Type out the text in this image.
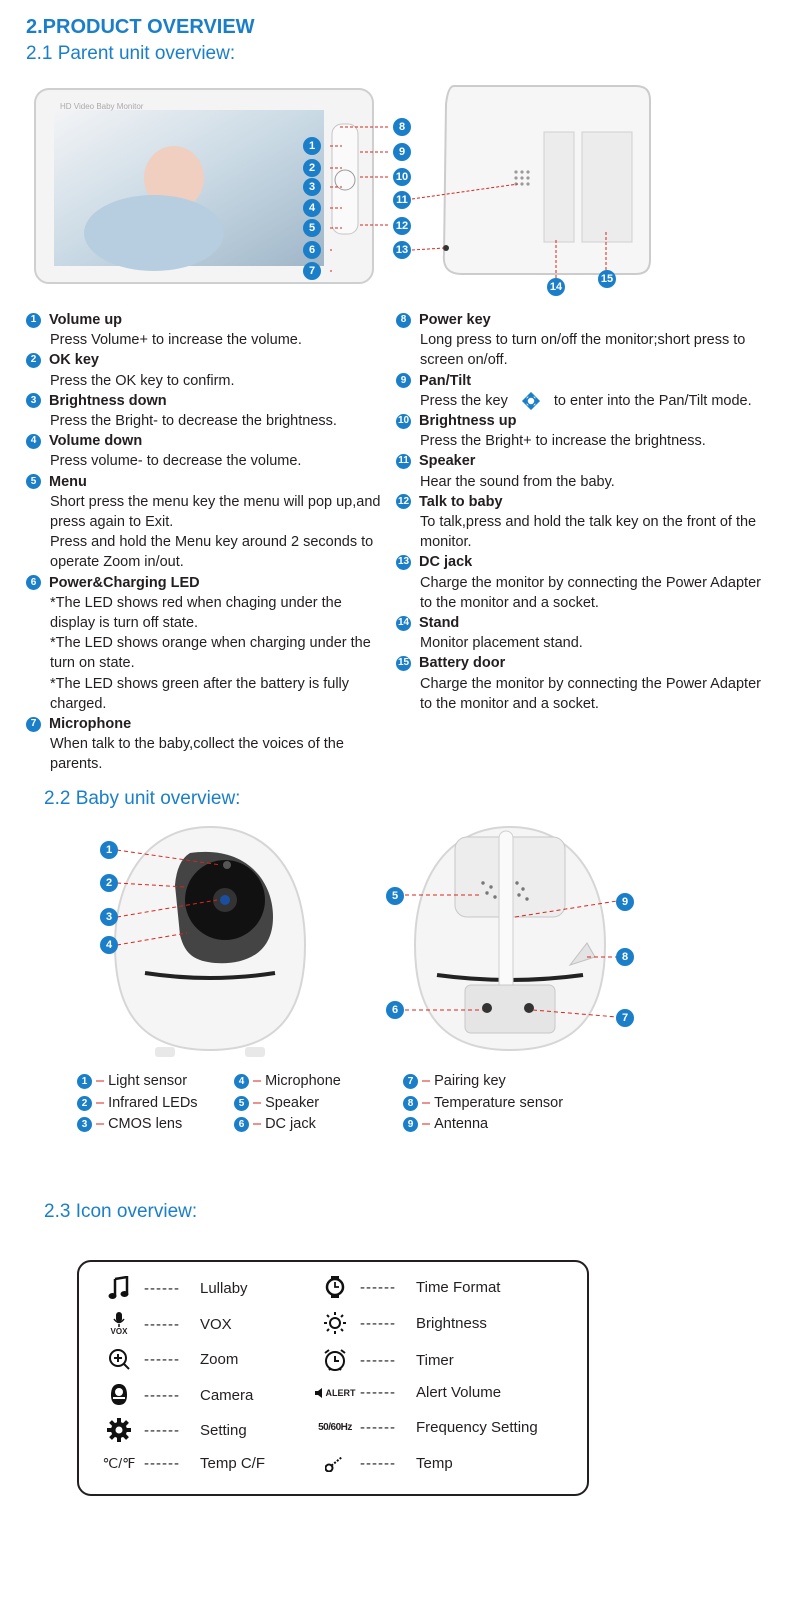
2.PRODUCT OVERVIEW
2.1 Parent unit overview:
HD Video Baby Monitor
1
2
3
4
5
6
7
8
9
10
11
12
13
14
15
1 Volume up
Press Volume+ to increase the volume.
2 OK key
Press the OK key to confirm.
3 Brightness down
Press the Bright- to decrease the brightness.
4 Volume down
Press volume- to decrease the volume.
5 Menu
Short press the menu key the menu will pop up,and press again to Exit.
Press and hold the Menu key around 2 seconds to operate Zoom in/out.
6 Power&Charging LED
*The LED shows red when chaging under the display is turn off state.
*The LED shows orange when charging under the turn on state.
*The LED shows green after the battery is fully charged.
7 Microphone
When talk to the baby,collect the voices of the parents.
8 Power key
Long press to turn on/off the monitor;short press to screen on/off.
9 Pan/Tilt
Press the key	to enter into the Pan/Tilt mode.
10 Brightness up
Press the Bright+ to increase the brightness.
11 Speaker
Hear the sound from the baby.
12 Talk to baby
To talk,press and hold the talk key on the front of the monitor.
13 DC jack
Charge the monitor by connecting the Power Adapter to the monitor and a socket.
14 Stand
Monitor placement stand.
15 Battery door
Charge the monitor by connecting the Power Adapter to the monitor and a socket.
2.2 Baby unit overview:
1
2
3
4
5	9
8
6
7
1 – Light sensor
2 – Infrared LEDs
3 – CMOS lens
4 – Microphone
5 – Speaker
6 – DC jack
7 – Pairing key
8 – Temperature sensor
9 – Antenna
2.3 Icon overview:
------	Lullaby
VOX ------	VOX
------	Zoom
------	Camera
------	Setting
℃/℉ ------	Temp C/F
------	Time Format
------	Brightness
------	Timer
ALERT ------	Alert Volume
50/60Hz ------	Frequency Setting
------	Temp
